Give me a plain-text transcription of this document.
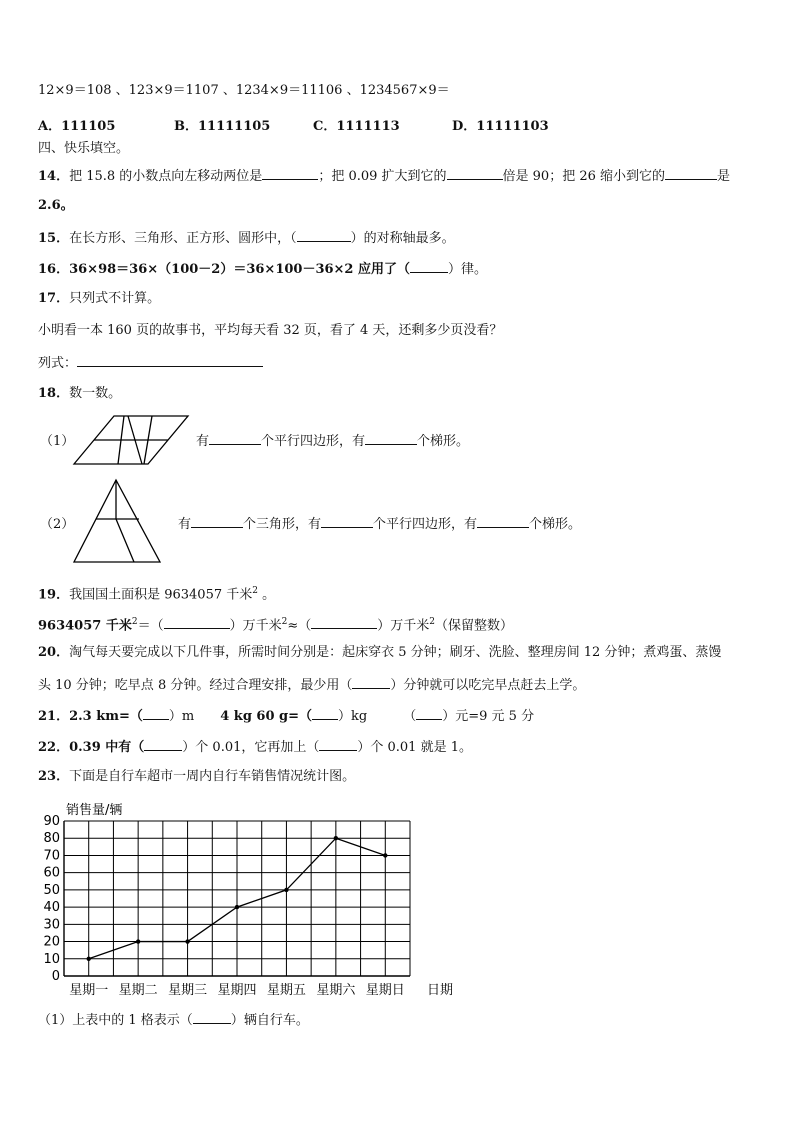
12×9＝108 、123×9＝1107 、1234×9＝11106 、1234567×9＝
A．111105	B．11111105	C．1111113	D．11111103
四、快乐填空。
14．把 15.8 的小数点向左移动两位是	；把 0.09 扩大到它的	倍是 90；把 26 缩小到它的	是
2.6。
15．在长方形、三角形、正方形、圆形中，（	）的对称轴最多。
16．36×98＝36×（100－2）＝36×100－36×2 应用了（	）律。
17．只列式不计算。
小明看一本 160 页的故事书，平均每天看 32 页，看了 4 天，还剩多少页没看？
列式：
18．数一数。
（1）	有	个平行四边形，有	个梯形。
（2）	有	个三角形，有	个平行四边形，有	个梯形。
19．我国国土面积是 9634057 千米$^2$ 。
9634057 千米$^2$＝（	）万千米$^2$≈（	）万千米$^2$（保留整数）
20．淘气每天要完成以下几件事，所需时间分别是：起床穿衣 5 分钟；刷牙、洗脸、整理房间 12 分钟；煮鸡蛋、蒸馒
头 10 分钟；吃早点 8 分钟。经过合理安排，最少用（	）分钟就可以吃完早点赶去上学。
21．2.3 km=（ ）m 4 kg 60 g=（ ）kg	（ ）元=9 元 5 分
22．0.39 中有（	）个 0.01，它再加上（	）个 0.01 就是 1。
23．下面是自行车超市一周内自行车销售情况统计图。
0
10
20
30
40
50
60
70
80
90
销售量/辆
星期一 星期二 星期三 星期四 星期五 星期六 星期日 日期
（1）上表中的 1 格表示（	）辆自行车。
